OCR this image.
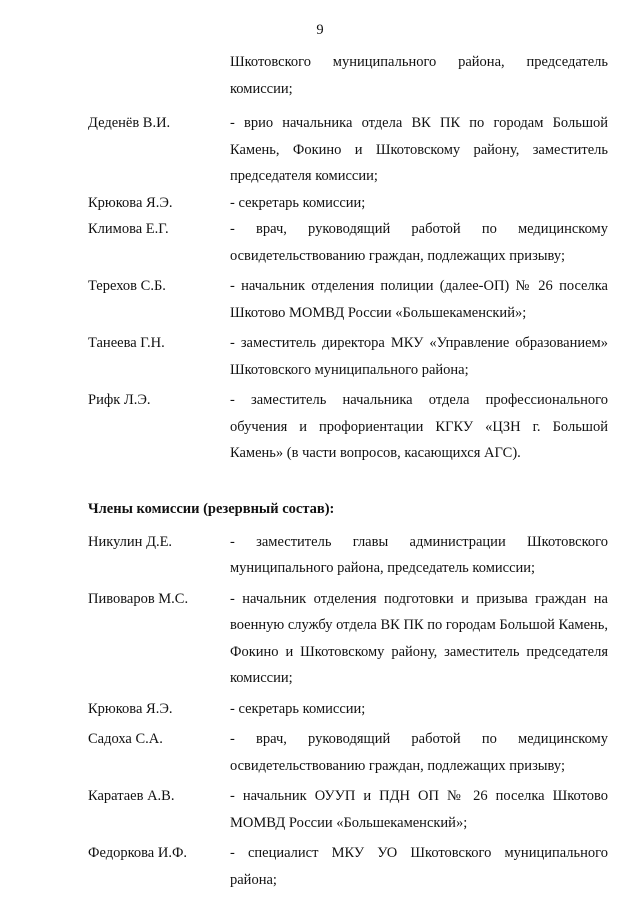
9
Шкотовского муниципального района, председатель комиссии;
Деденёв В.И.	- врио начальника отдела ВК ПК по городам Большой Камень, Фокино и Шкотовскому району, заместитель председателя комиссии;
Крюкова Я.Э.	- секретарь комиссии;
Климова Е.Г.	- врач, руководящий работой по медицинскому освидетельствованию граждан, подлежащих призыву;
Терехов С.Б.	- начальник отделения полиции (далее-ОП) № 26 поселка Шкотово МОМВД России «Большекаменский»;
Танеева Г.Н.	- заместитель директора МКУ «Управление образованием» Шкотовского муниципального района;
Рифк Л.Э.	- заместитель начальника отдела профессионального обучения и профориентации КГКУ «ЦЗН г. Большой Камень» (в части вопросов, касающихся АГС).
Члены комиссии (резервный состав):
Никулин Д.Е.	- заместитель главы администрации Шкотовского муниципального района, председатель комиссии;
Пивоваров М.С.	- начальник отделения подготовки и призыва граждан на военную службу отдела ВК ПК по городам Большой Камень, Фокино и Шкотовскому району, заместитель председателя комиссии;
Крюкова Я.Э.	- секретарь комиссии;
Садоха С.А.	- врач, руководящий работой по медицинскому освидетельствованию граждан, подлежащих призыву;
Каратаев А.В.	- начальник ОУУП и ПДН ОП № 26 поселка Шкотово МОМВД России «Большекаменский»;
Федоркова И.Ф.	- специалист МКУ УО Шкотовского муниципального района;
